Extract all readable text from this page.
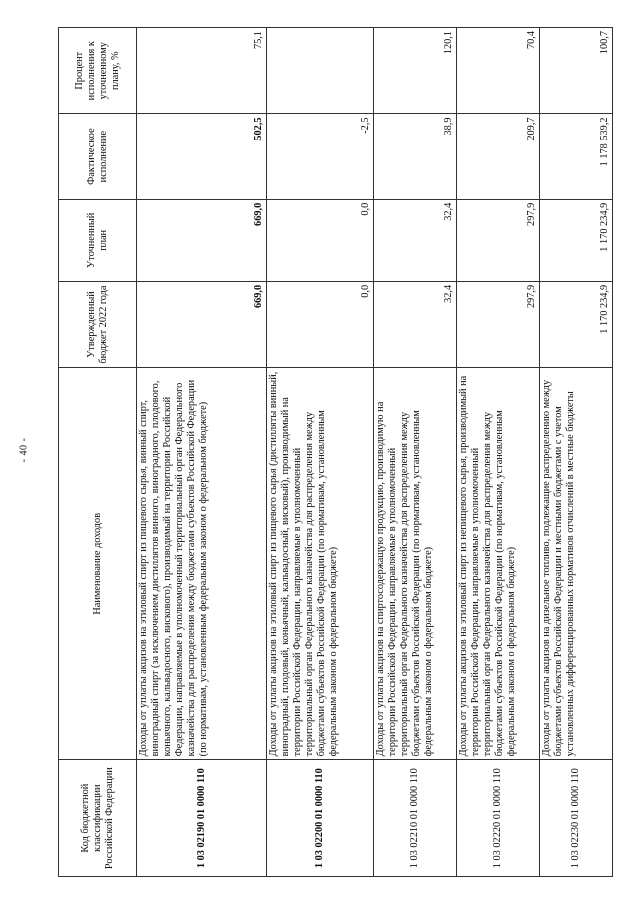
- 40 -
Код бюджетной классификации Российской Федерации	Наименование доходов	Утвержденный бюджет 2022 года	Уточненный план	Фактическое исполнение	Процент исполнения к уточненному плану, %
1 03 02190 01 0000 110	Доходы от уплаты акцизов на этиловый спирт из пищевого сырья, винный спирт, виноградный спирт (за исключением дистиллятов винного, виноградного, плодового, коньячного, кальвадосного, вискового), производимый на территории Российской Федерации, направляемые в уполномоченный территориальный орган Федерального казначейства для распределения между бюджетами субъектов Российской Федерации (по нормативам, установленным федеральным законом о федеральном бюджете)	669,0	669,0	502,5	75,1
1 03 02200 01 0000 110	Доходы от уплаты акцизов на этиловый спирт из пищевого сырья (дистилляты винный, виноградный, плодовый, коньячный, кальвадосный, висковый), производимый на территории Российской Федерации, направляемые в уполномоченный территориальный орган Федерального казначейства для распределения между бюджетами субъектов Российской Федерации (по нормативам, установленным федеральным законом о федеральном бюджете)	0,0	0,0	-2,5	
1 03 02210 01 0000 110	Доходы от уплаты акцизов на спиртосодержащую продукцию, производимую на территории Российской Федерации, направляемые в уполномоченный территориальный орган Федерального казначейства для распределения между бюджетами субъектов Российской Федерации (по нормативам, установленным федеральным законом о федеральном бюджете)	32,4	32,4	38,9	120,1
1 03 02220 01 0000 110	Доходы от уплаты акцизов на этиловый спирт из непищевого сырья, производимый на территории Российской Федерации, направляемые в уполномоченный территориальный орган Федерального казначейства для распределения между бюджетами субъектов Российской Федерации (по нормативам, установленным федеральным законом о федеральном бюджете)	297,9	297,9	209,7	70,4
1 03 02230 01 0000 110	Доходы от уплаты акцизов на дизельное топливо, подлежащие распределению между бюджетами субъектов Российской Федерации и местными бюджетами с учетом установленных дифференцированных нормативов отчислений в местные бюджеты	1 170 234,9	1 170 234,9	1 178 539,2	100,7
